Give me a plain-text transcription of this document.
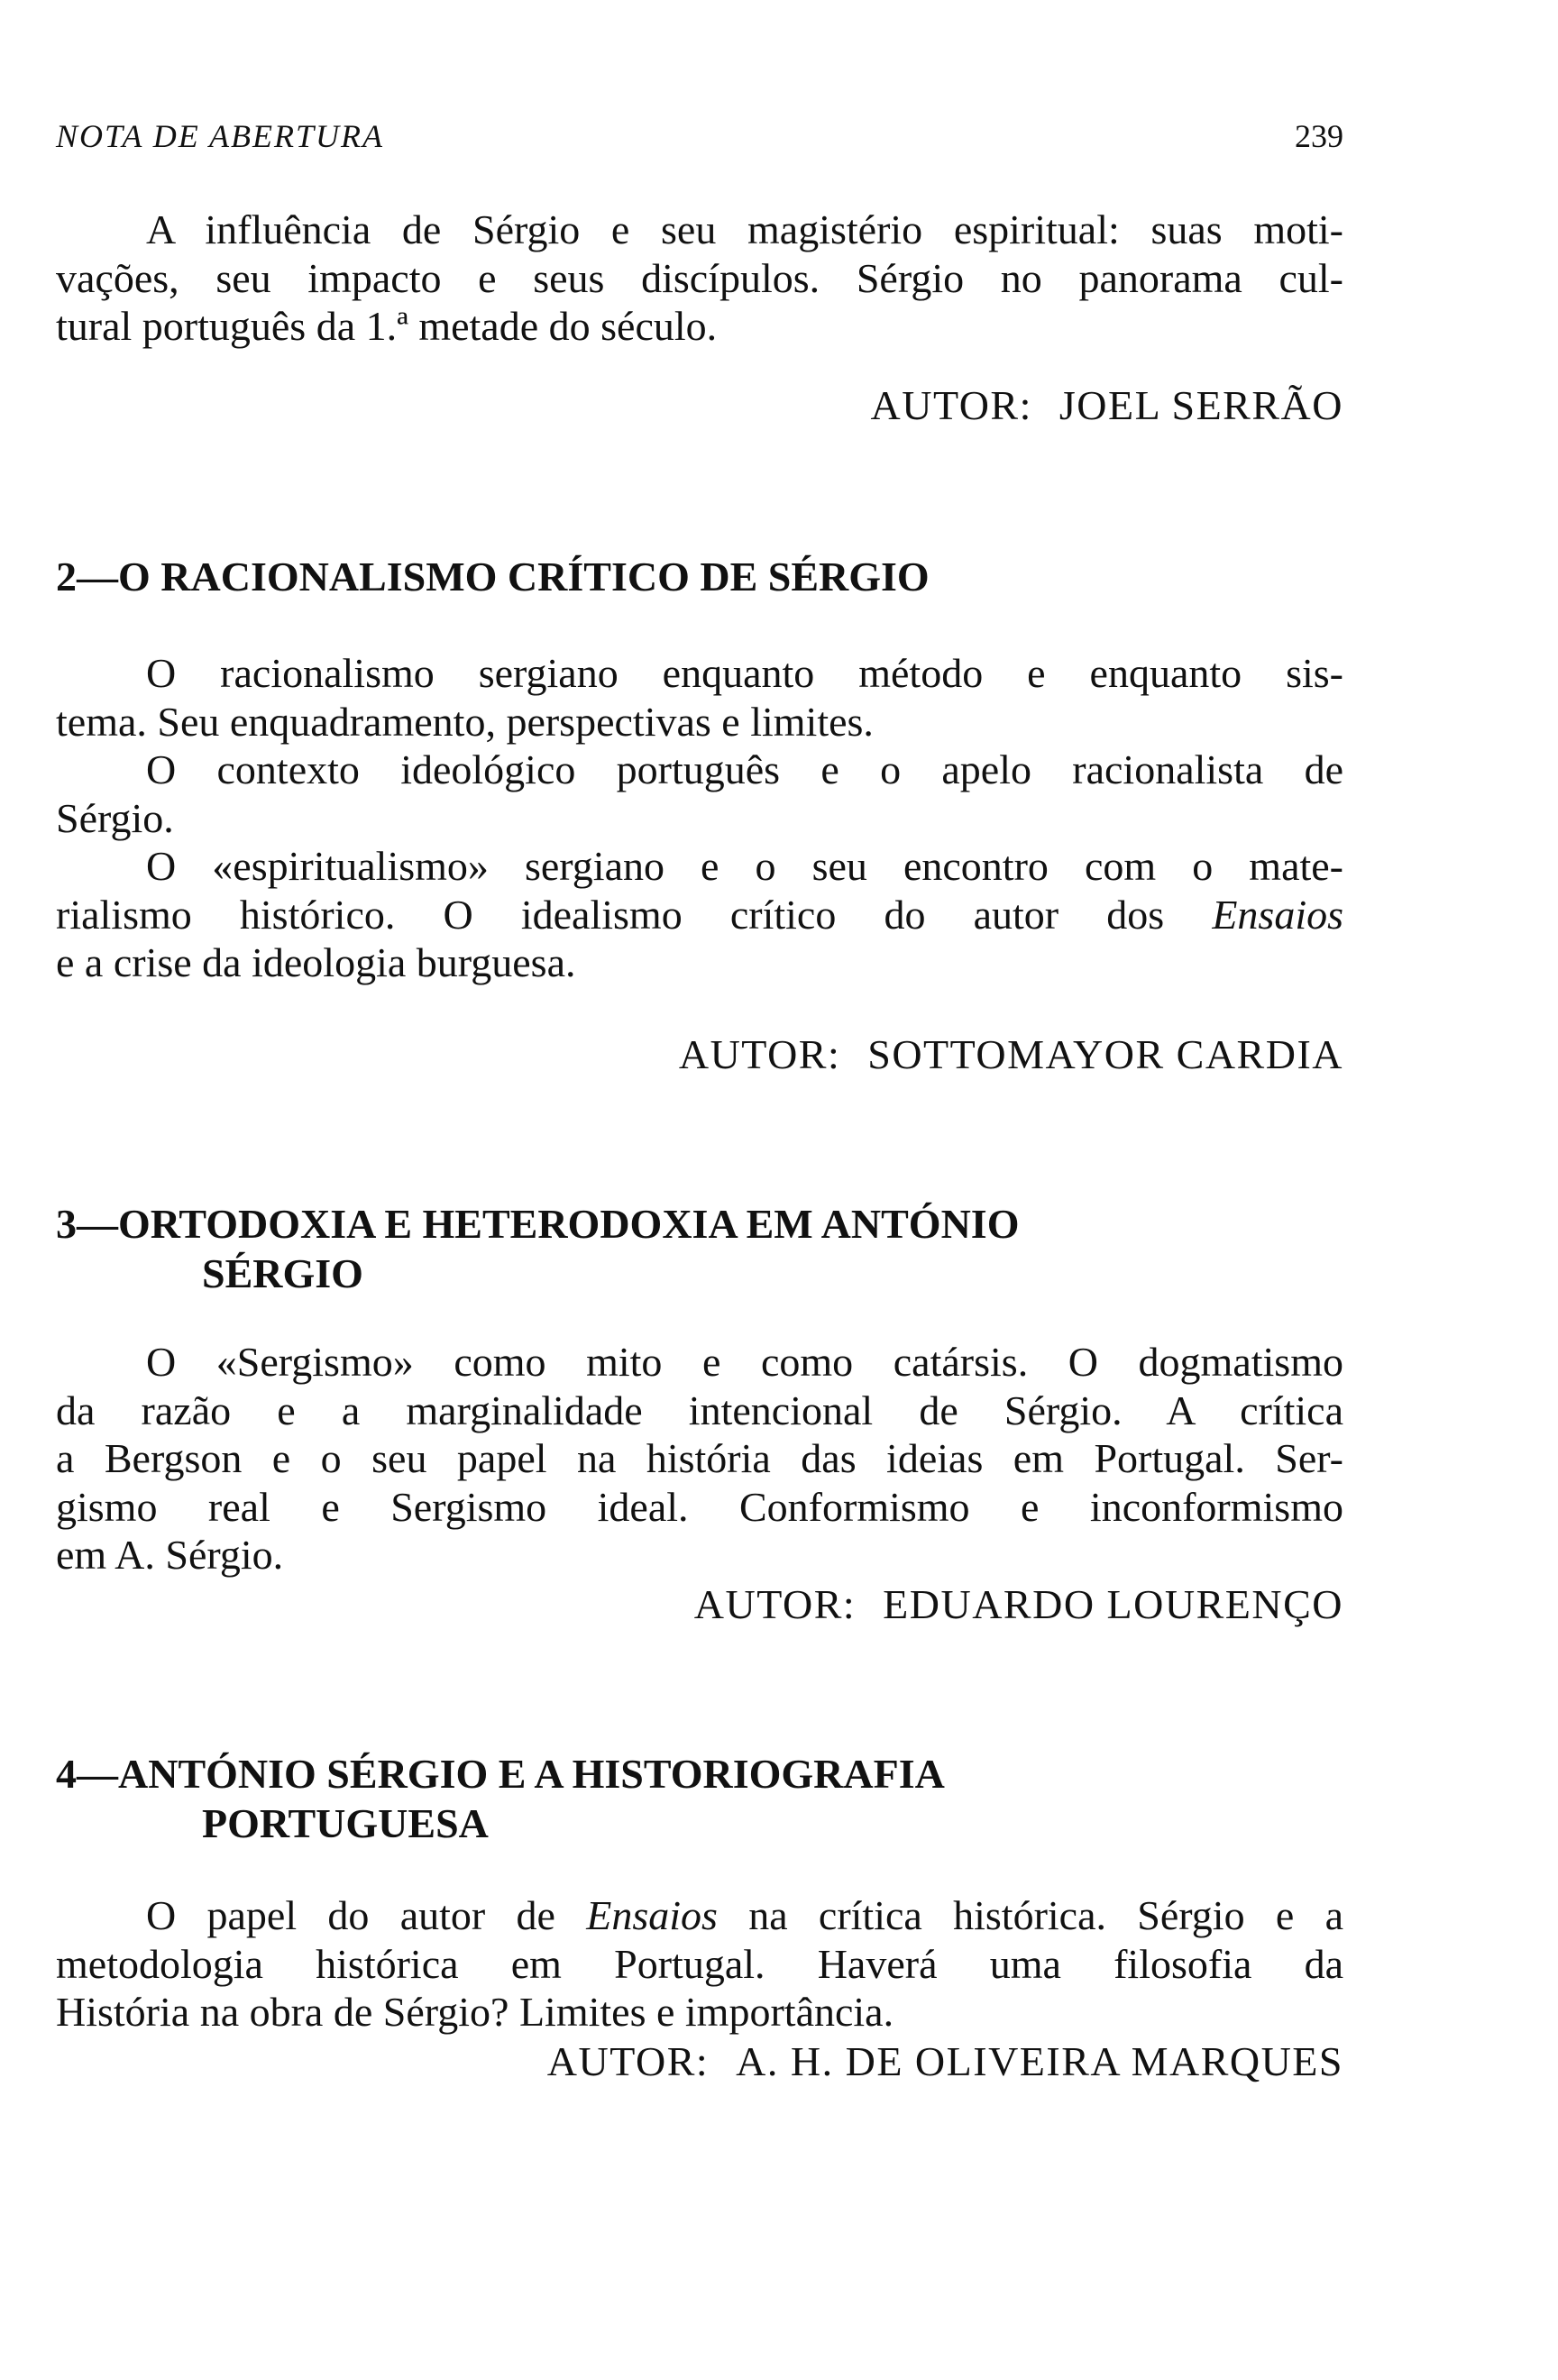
NOTA DE ABERTURA	239

A influência de Sérgio e seu magistério espiritual: suas moti-
vações, seu impacto e seus discípulos. Sérgio no panorama cul-
tural português da 1.ª metade do século.

AUTOR: JOEL SERRÃO

2—O RACIONALISMO CRÍTICO DE SÉRGIO

O racionalismo sergiano enquanto método e enquanto sis-
tema. Seu enquadramento, perspectivas e limites.

O contexto ideológico português e o apelo racionalista de
Sérgio.

O «espiritualismo» sergiano e o seu encontro com o mate-
rialismo histórico. O idealismo crítico do autor dos Ensaios
e a crise da ideologia burguesa.

AUTOR: SOTTOMAYOR CARDIA

3—ORTODOXIA E HETERODOXIA EM ANTÓNIO
SÉRGIO

O «Sergismo» como mito e como catársis. O dogmatismo
da razão e a marginalidade intencional de Sérgio. A crítica
a Bergson e o seu papel na história das ideias em Portugal. Ser-
gismo real e Sergismo ideal. Conformismo e inconformismo
em A. Sérgio.

AUTOR: EDUARDO LOURENÇO

4—ANTÓNIO SÉRGIO E A HISTORIOGRAFIA
PORTUGUESA

O papel do autor de Ensaios na crítica histórica. Sérgio e a
metodologia histórica em Portugal. Haverá uma filosofia da
História na obra de Sérgio? Limites e importância.

AUTOR: A. H. DE OLIVEIRA MARQUES
